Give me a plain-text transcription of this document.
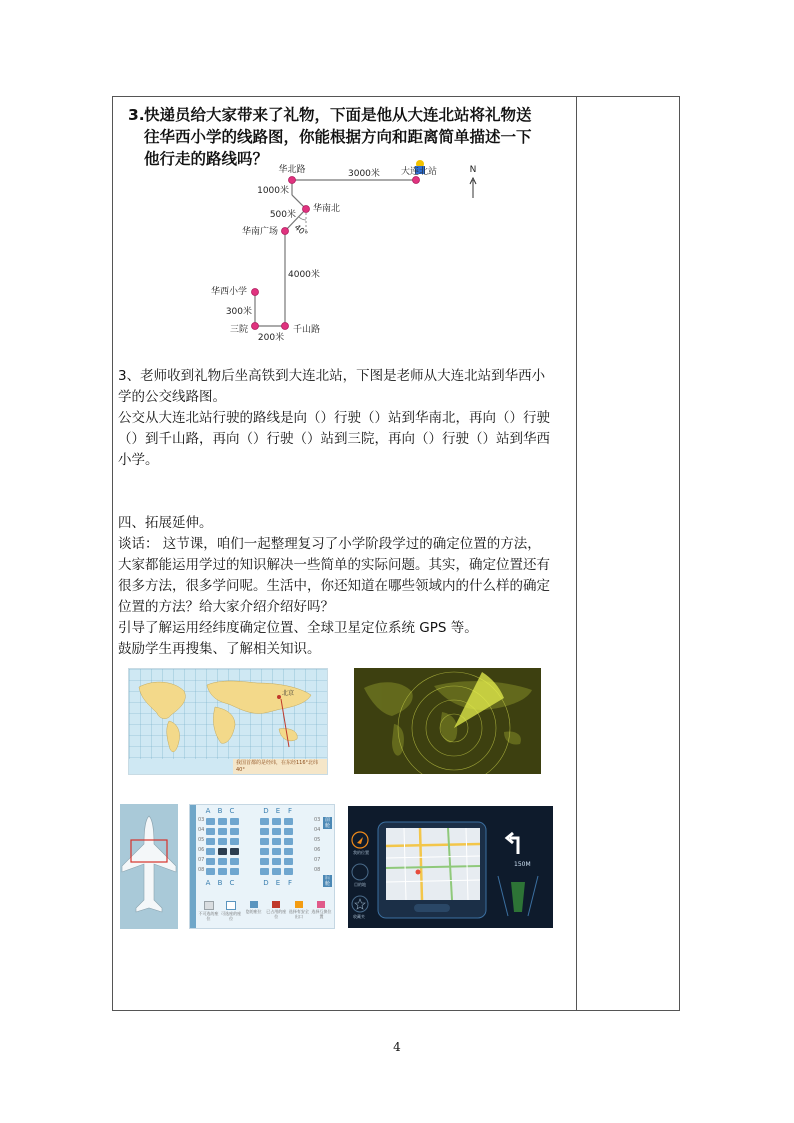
3.快递员给大家带来了礼物，下面是他从大连北站将礼物送
往华西小学的线路图，你能根据方向和距离简单描述一下
他行走的路线吗？
N
华北路	大连北站
华南北
华南广场
华西小学
三院	千山路
3000米
1000米
500米
4000米
300米
200米
40°
3、老师收到礼物后坐高铁到大连北站，下图是老师从大连北站到华西小
学的公交线路图。
公交从大连北站行驶的路线是向（）行驶（）站到华南北，再向（）行驶
（）到千山路，再向（）行驶（）站到三院，再向（）行驶（）站到华西
小学。
四、拓展延伸。
谈话： 这节课，咱们一起整理复习了小学阶段学过的确定位置的方法，
大家都能运用学过的知识解决一些简单的实际问题。其实，确定位置还有
很多方法，很多学问呢。生活中，你还知道在哪些领域内的什么样的确定
位置的方法？给大家介绍介绍好吗？
引导了解运用经纬度确定位置、全球卫星定位系统 GPS 等。
鼓励学生再搜集、了解相关知识。
北京
我国首都的是经纬，在东经116°北纬40°
前舱
后舱
A B C	D E F
A B C	D E F
03	03
04	04
05	05
06	06
07	07
08	08
不可选的座位
可选座的座位
您的座位	已占用的座位
选择有安全出口
选择互换位置
150M
我的位置
目的地
收藏夹
4
